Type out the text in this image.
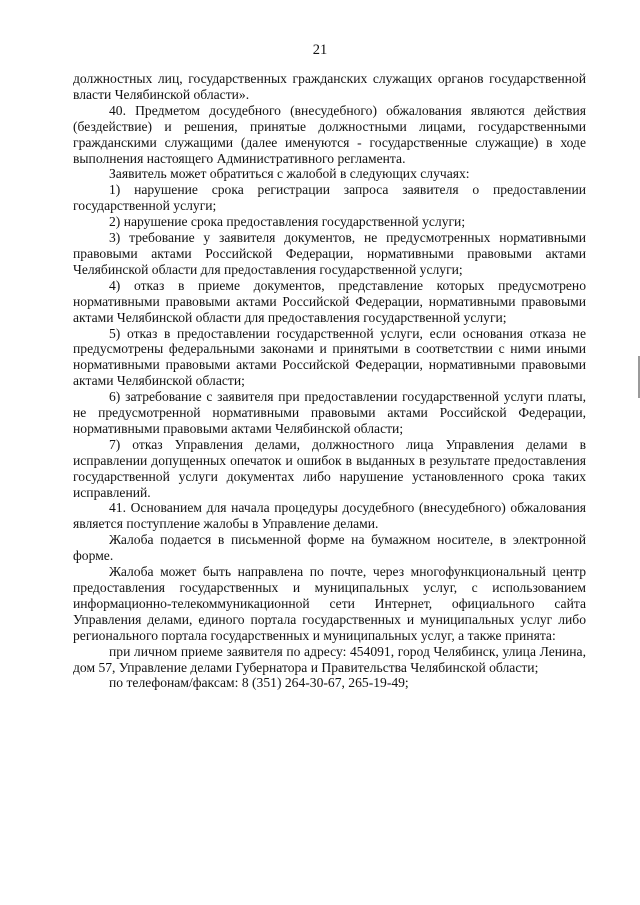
21

должностных лиц, государственных гражданских служащих органов государственной власти Челябинской области».

40. Предметом досудебного (внесудебного) обжалования являются действия (бездействие) и решения, принятые должностными лицами, государственными гражданскими служащими (далее именуются - государственные служащие) в ходе выполнения настоящего Административного регламента.

Заявитель может обратиться с жалобой в следующих случаях:

1) нарушение срока регистрации запроса заявителя о предоставлении государственной услуги;

2) нарушение срока предоставления государственной услуги;

3) требование у заявителя документов, не предусмотренных нормативными правовыми актами Российской Федерации, нормативными правовыми актами Челябинской области для предоставления государственной услуги;

4) отказ в приеме документов, представление которых предусмотрено нормативными правовыми актами Российской Федерации, нормативными правовыми актами Челябинской области для предоставления государственной услуги;

5) отказ в предоставлении государственной услуги, если основания отказа не предусмотрены федеральными законами и принятыми в соответствии с ними иными нормативными правовыми актами Российской Федерации, нормативными правовыми актами Челябинской области;

6) затребование с заявителя при предоставлении государственной услуги платы, не предусмотренной нормативными правовыми актами Российской Федерации, нормативными правовыми актами Челябинской области;

7) отказ Управления делами, должностного лица Управления делами в исправлении допущенных опечаток и ошибок в выданных в результате предоставления государственной услуги документах либо нарушение установленного срока таких исправлений.

41. Основанием для начала процедуры досудебного (внесудебного) обжалования является поступление жалобы в Управление делами.

Жалоба подается в письменной форме на бумажном носителе, в электронной форме.

Жалоба может быть направлена по почте, через многофункциональный центр предоставления государственных и муниципальных услуг, с использованием информационно-телекоммуникационной сети Интернет, официального сайта Управления делами, единого портала государственных и муниципальных услуг либо регионального портала государственных и муниципальных услуг, а также принята:

при личном приеме заявителя по адресу: 454091, город Челябинск, улица Ленина, дом 57, Управление делами Губернатора и Правительства Челябинской области;

по телефонам/факсам: 8 (351) 264-30-67, 265-19-49;
